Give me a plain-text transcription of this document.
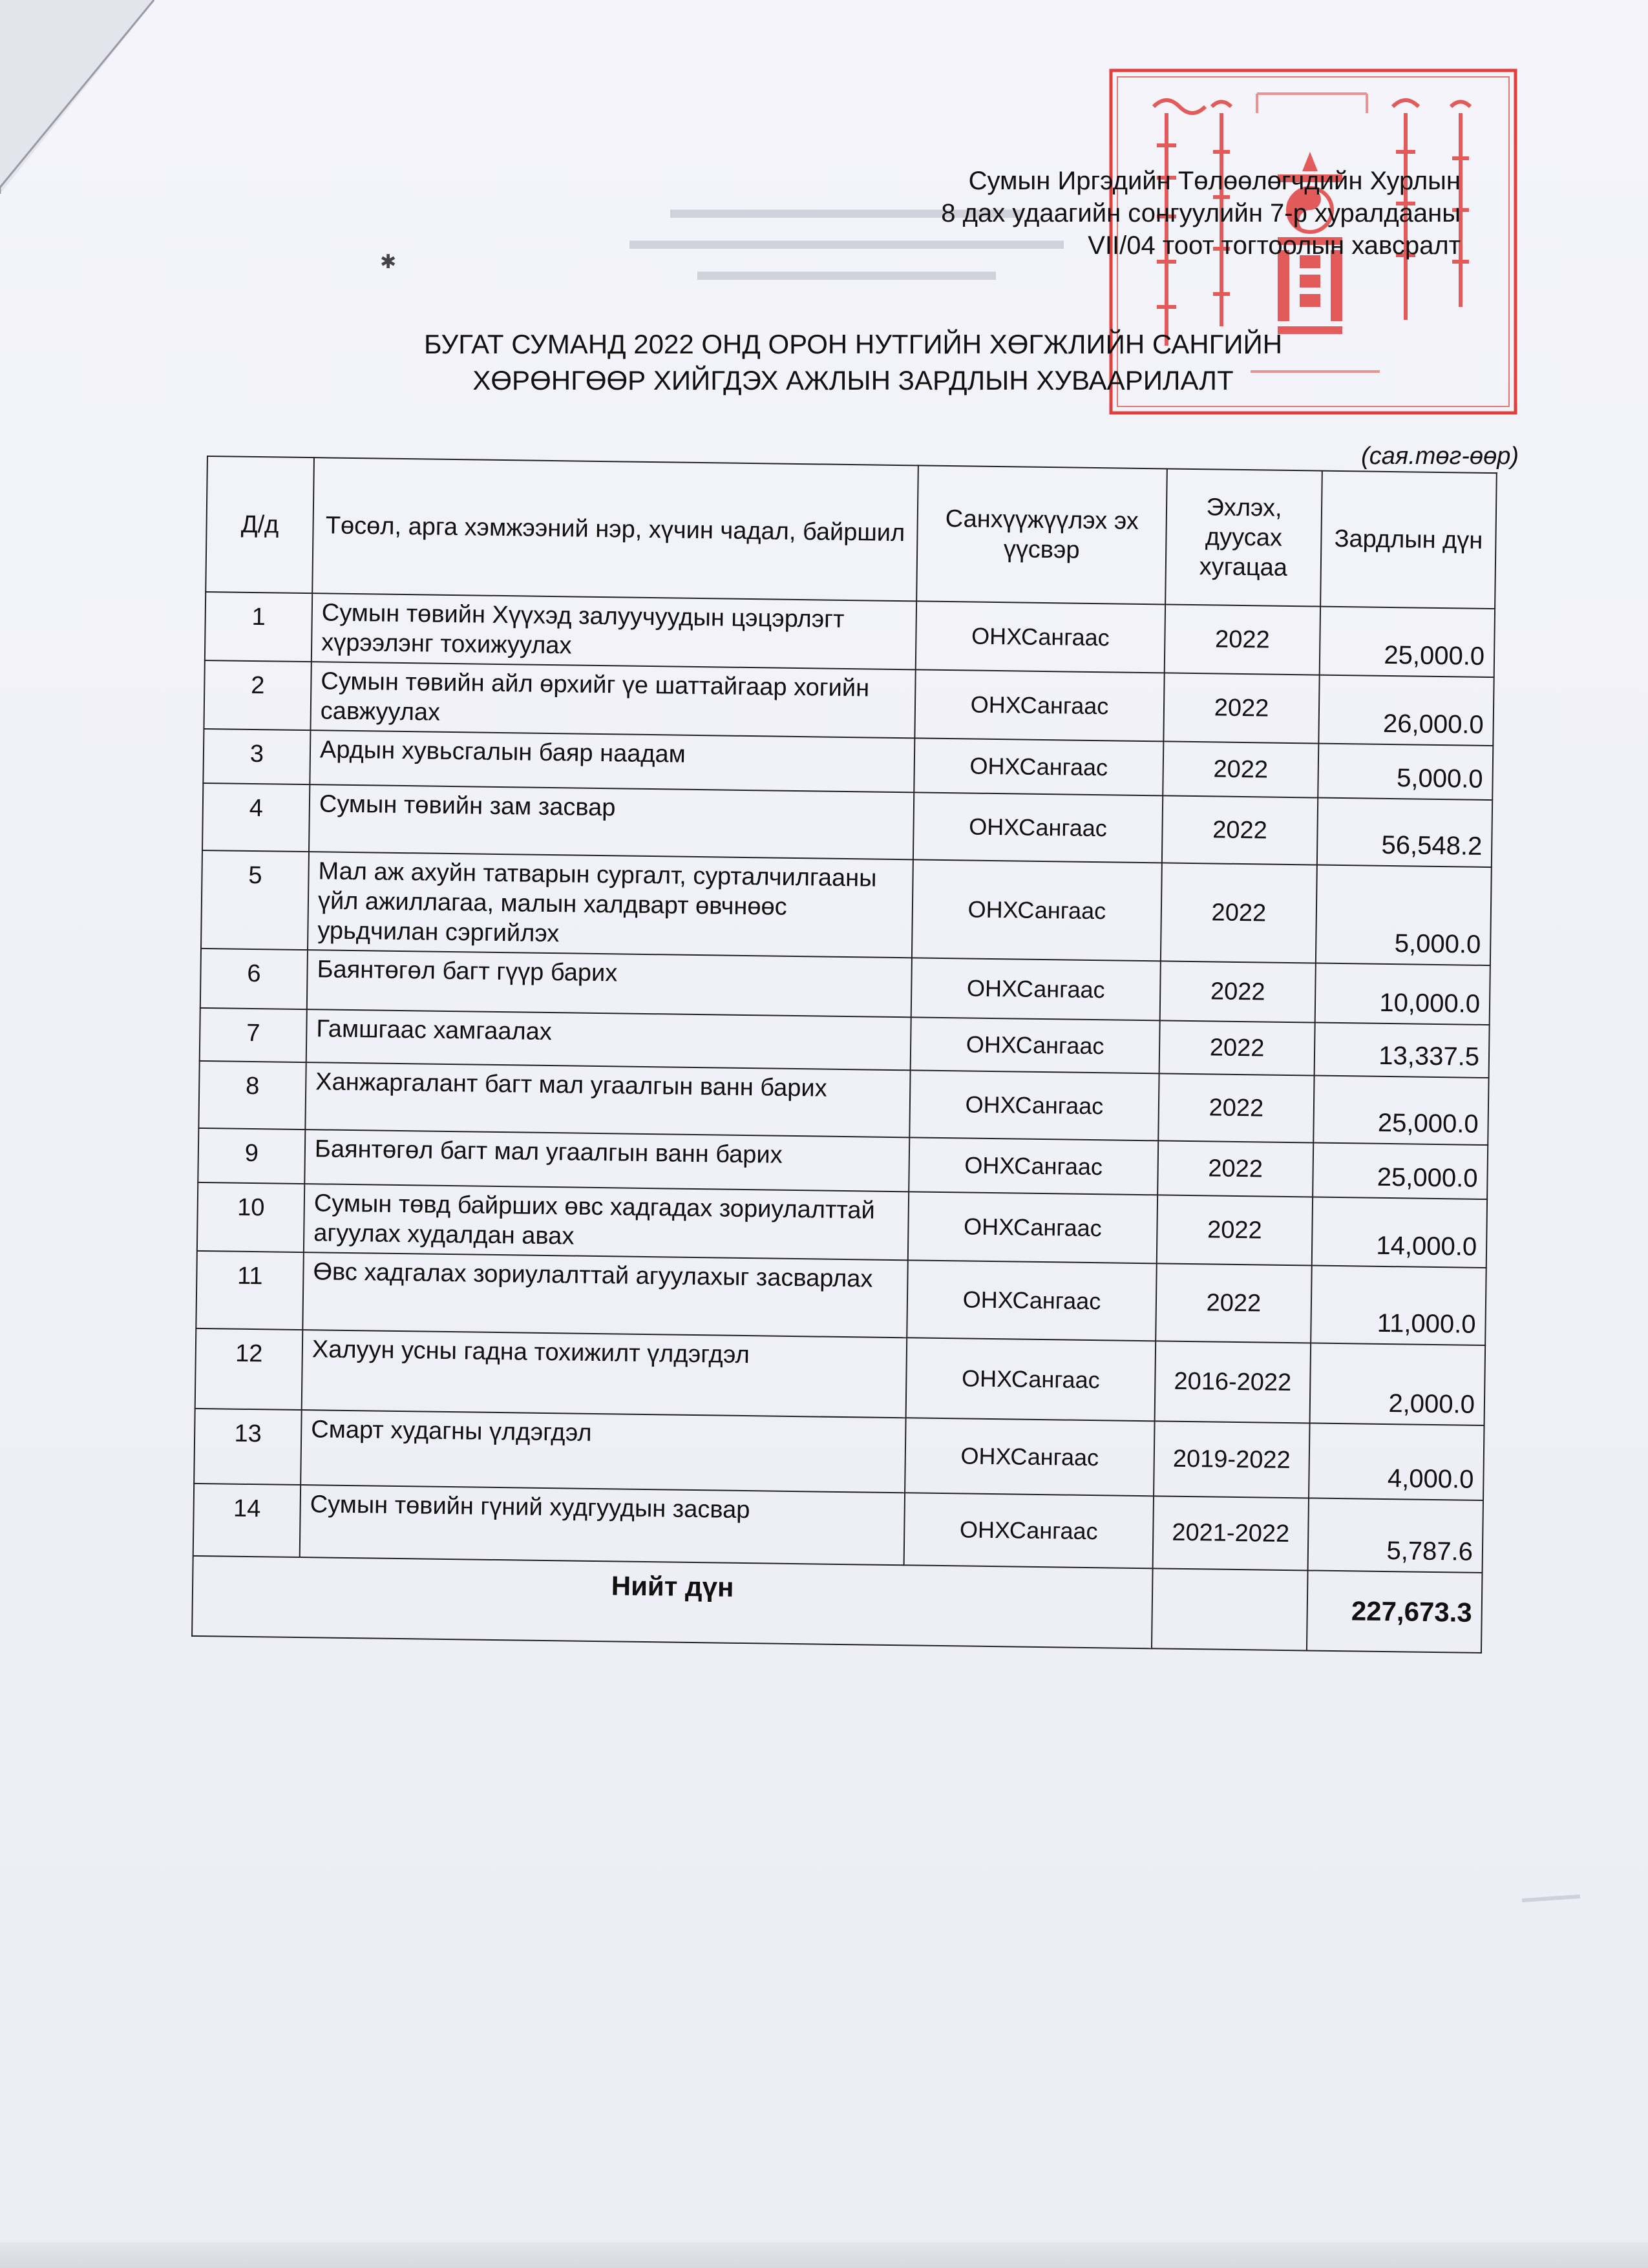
▬▬▬▬▬▬▬▬▬▬▬▬▬
▬▬▬▬▬▬▬▬▬▬▬▬▬▬▬▬
▬▬▬▬▬▬▬▬▬▬▬
Сумын Иргэдийн Төлөөлөгчдийн Хурлын
8 дах удаагийн сонгуулийн 7-р хуралдааны
VII/04 тоот тогтоолын хавсралт
✱
БУГАТ СУМАНД 2022 ОНД ОРОН НУТГИЙН ХӨГЖЛИЙН САНГИЙН
ХӨРӨНГӨӨР ХИЙГДЭХ АЖЛЫН ЗАРДЛЫН ХУВААРИЛАЛТ
(сая.төг-өөр)
Д/д	Төсөл, арга хэмжээний нэр, хүчин чадал, байршил	Санхүүжүүлэх эх үүсвэр	Эхлэх, дуусах хугацаа	Зардлын дүн
1	Сумын төвийн Хүүхэд залуучуудын цэцэрлэгт хүрээлэнг тохижуулах	ОНХСангаас	2022	25,000.0
2	Сумын төвийн айл өрхийг үе шаттайгаар хогийн савжуулах	ОНХСангаас	2022	26,000.0
3	Ардын хувьсгалын баяр наадам	ОНХСангаас	2022	5,000.0
4	Сумын төвийн зам засвар	ОНХСангаас	2022	56,548.2
5	Мал аж ахуйн татварын сургалт, сурталчилгааны үйл ажиллагаа, малын халдварт өвчнөөс урьдчилан сэргийлэх	ОНХСангаас	2022	5,000.0
6	Баянтөгөл багт гүүр барих	ОНХСангаас	2022	10,000.0
7	Гамшгаас хамгаалах	ОНХСангаас	2022	13,337.5
8	Ханжаргалант багт мал угаалгын ванн барих	ОНХСангаас	2022	25,000.0
9	Баянтөгөл багт мал угаалгын ванн барих	ОНХСангаас	2022	25,000.0
10	Сумын төвд байрших өвс хадгадах зориулалттай агуулах худалдан авах	ОНХСангаас	2022	14,000.0
11	Өвс хадгалах зориулалттай агуулахыг засварлах	ОНХСангаас	2022	11,000.0
12	Халуун усны гадна тохижилт үлдэгдэл	ОНХСангаас	2016-2022	2,000.0
13	Смарт худагны үлдэгдэл	ОНХСангаас	2019-2022	4,000.0
14	Сумын төвийн гүний худгуудын засвар	ОНХСангаас	2021-2022	5,787.6
Нийт дүн				227,673.3
